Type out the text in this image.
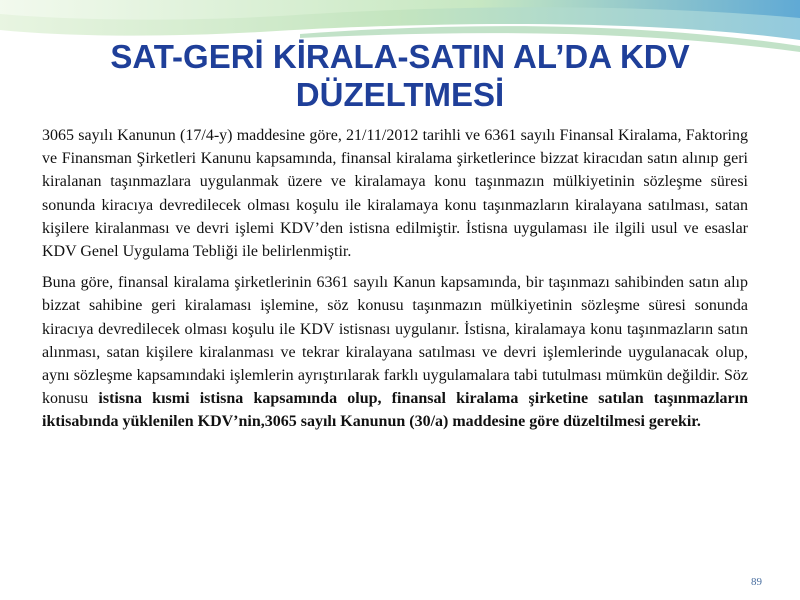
SAT-GERİ KİRALA-SATIN AL’DA KDV
DÜZELTMESİ

3065 sayılı Kanunun (17/4-y) maddesine göre, 21/11/2012 tarihli ve 6361 sayılı Finansal Kiralama, Faktoring ve Finansman Şirketleri Kanunu kapsamında, finansal kiralama şirketlerince bizzat kiracıdan satın alınıp geri kiralanan taşınmazlara uygulanmak üzere ve kiralamaya konu taşınmazın mülkiyetinin sözleşme süresi sonunda kiracıya devredilecek olması koşulu ile kiralamaya konu taşınmazların kiralayana satılması, satan kişilere kiralanması ve devri işlemi KDV’den istisna edilmiştir. İstisna uygulaması ile ilgili usul ve esaslar KDV Genel Uygulama Tebliği ile belirlenmiştir.

Buna göre, finansal kiralama şirketlerinin 6361 sayılı Kanun kapsamında, bir taşınmazı sahibinden satın alıp bizzat sahibine geri kiralaması işlemine, söz konusu taşınmazın mülkiyetinin sözleşme süresi sonunda kiracıya devredilecek olması koşulu ile KDV istisnası uygulanır. İstisna, kiralamaya konu taşınmazların satın alınması, satan kişilere kiralanması ve tekrar kiralayana satılması ve devri işlemlerinde uygulanacak olup, aynı sözleşme kapsamındaki işlemlerin ayrıştırılarak farklı uygulamalara tabi tutulması mümkün değildir. Söz konusu istisna kısmi istisna kapsamında olup, finansal kiralama şirketine satılan taşınmazların iktisabında yüklenilen KDV’nin,3065 sayılı Kanunun (30/a) maddesine göre düzeltilmesi gerekir.

89
